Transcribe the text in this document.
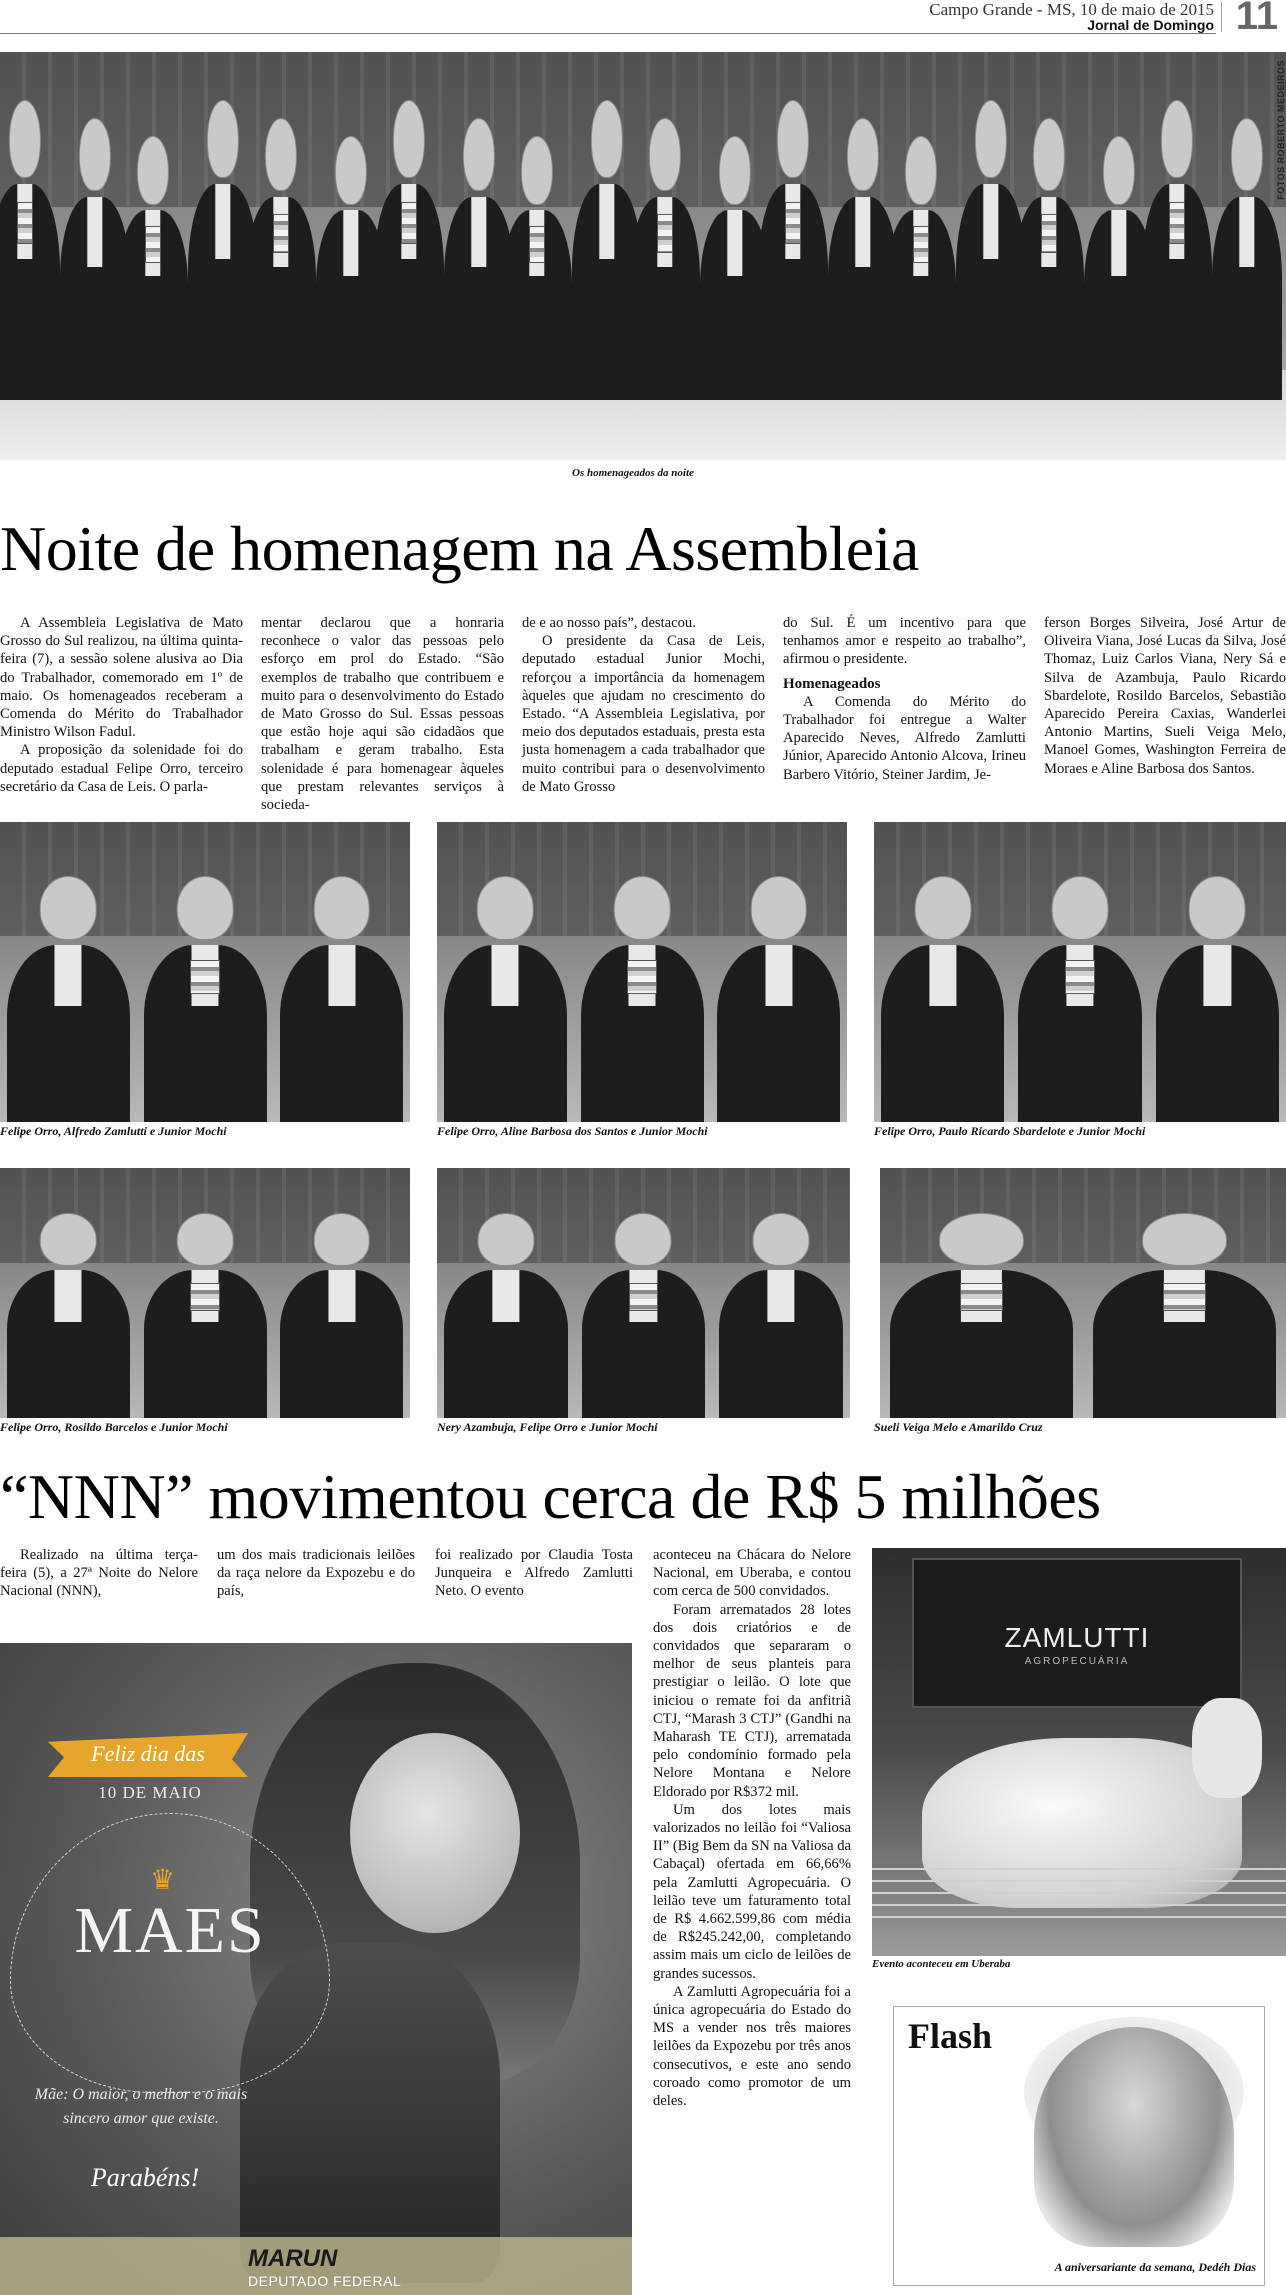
Campo Grande - MS, 10 de maio de 2015
Jornal de Domingo 11
FOTOS ROBERTO MEDEIROS
Os homenageados da noite
Noite de homenagem na Assembleia

A Assembleia Legislativa de Mato Grosso do Sul realizou, na última quinta-feira (7), a sessão solene alusiva ao Dia do Trabalhador, comemorado em 1º de maio. Os homenageados receberam a Comenda do Mérito do Trabalhador Ministro Wilson Fadul.

A proposição da solenidade foi do deputado estadual Felipe Orro, terceiro secretário da Casa de Leis. O parla-

mentar declarou que a honraria reconhece o valor das pessoas pelo esforço em prol do Estado. “São exemplos de trabalho que contribuem e muito para o desenvolvimento do Estado de Mato Grosso do Sul. Essas pessoas que estão hoje aqui são cidadãos que trabalham e geram trabalho. Esta solenidade é para homenagear àqueles que prestam relevantes serviços à socieda-

de e ao nosso país”, destacou.

O presidente da Casa de Leis, deputado estadual Junior Mochi, reforçou a importância da homenagem àqueles que ajudam no crescimento do Estado. “A Assembleia Legislativa, por meio dos deputados estaduais, presta esta justa homenagem a cada trabalhador que muito contribui para o desenvolvimento de Mato Grosso

do Sul. É um incentivo para que tenhamos amor e respeito ao trabalho”, afirmou o presidente.

Homenageados

A Comenda do Mérito do Trabalhador foi entregue a Walter Aparecido Neves, Alfredo Zamlutti Júnior, Aparecido Antonio Alcova, Irineu Barbero Vitório, Steiner Jardim, Je-

ferson Borges Silveira, José Artur de Oliveira Viana, José Lucas da Silva, José Thomaz, Luiz Carlos Viana, Nery Sá e Silva de Azambuja, Paulo Ricardo Sbardelote, Rosildo Barcelos, Sebastião Aparecido Pereira Caxias, Wanderlei Antonio Martins, Sueli Veiga Melo, Manoel Gomes, Washington Ferreira de Moraes e Aline Barbosa dos Santos.

Felipe Orro, Alfredo Zamlutti e Junior Mochi	Felipe Orro, Aline Barbosa dos Santos e Junior Mochi	Felipe Orro, Paulo Ricardo Sbardelote e Junior Mochi
Felipe Orro, Rosildo Barcelos e Junior Mochi	Nery Azambuja, Felipe Orro e Junior Mochi	Sueli Veiga Melo e Amarildo Cruz
“NNN” movimentou cerca de R$ 5 milhões

Realizado na última terça-feira (5), a 27ª Noite do Nelore Nacional (NNN),

um dos mais tradicionais leilões da raça nelore da Expozebu e do país,

foi realizado por Claudia Tosta Junqueira e Alfredo Zamlutti Neto. O evento

aconteceu na Chácara do Nelore Nacional, em Uberaba, e contou com cerca de 500 convidados.

Foram arrematados 28 lotes dos dois criatórios e de convidados que separaram o melhor de seus planteis para prestigiar o leilão. O lote que iniciou o remate foi da anfitriã CTJ, “Marash 3 CTJ” (Gandhi na Maharash TE CTJ), arrematada pelo condomínio formado pela Nelore Montana e Nelore Eldorado por R$372 mil.

Um dos lotes mais valorizados no leilão foi “Valiosa II” (Big Bem da SN na Valiosa da Cabaçal) ofertada em 66,66% pela Zamlutti Agropecuária. O leilão teve um faturamento total de R$ 4.662.599,86 com média de R$245.242,00, completando assim mais um ciclo de leilões de grandes sucessos.

A Zamlutti Agropecuária foi a única agropecuária do Estado do MS a vender nos três maiores leilões da Expozebu por três anos consecutivos, e este ano sendo coroado como promotor de um deles.

ZAMLUTTI
AGROPECUÁRIA
Evento aconteceu em Uberaba
Flash
A aniversariante da semana, Dedéh Dias
Feliz dia das
10 DE MAIO
♛
MAES
Mãe: O maior, o melhor e o mais sincero amor que existe.
Parabéns!
MARUN
DEPUTADO FEDERAL
